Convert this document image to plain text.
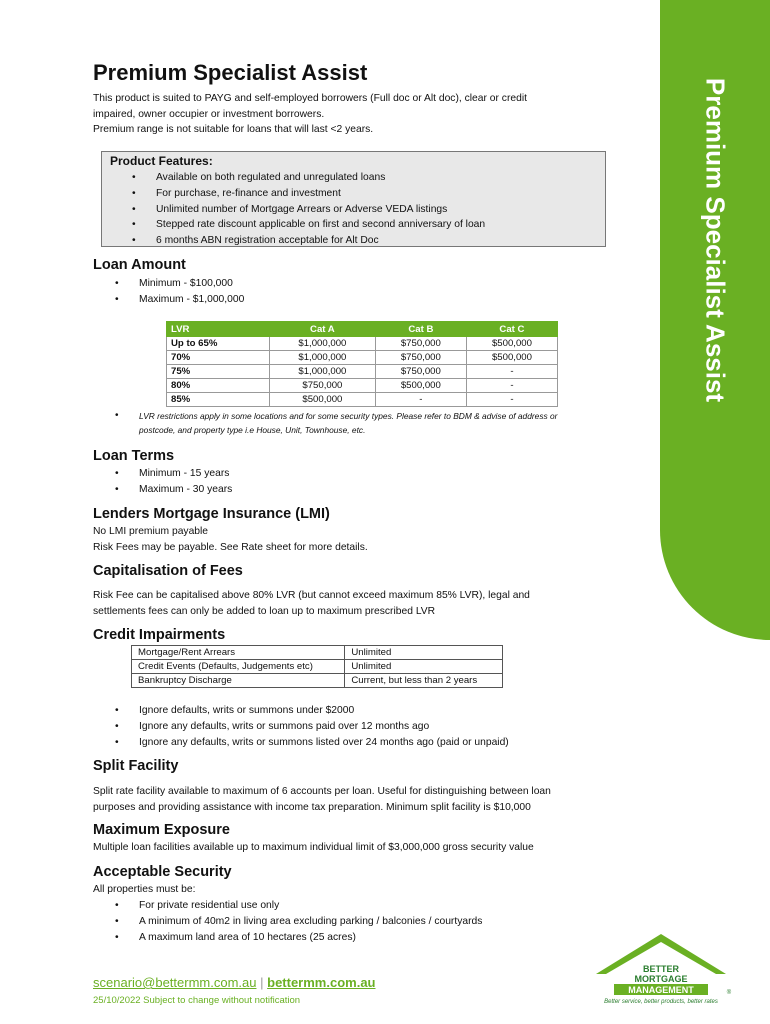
Premium Specialist Assist
Premium Specialist Assist

This product is suited to PAYG and self-employed borrowers (Full doc or Alt doc), clear or credit

impaired, owner occupier or investment borrowers.

Premium range is not suitable for loans that will last <2 years.

Product Features:
• Available on both regulated and unregulated loans
• For purchase, re-finance and investment
• Unlimited number of Mortgage Arrears or Adverse VEDA listings
• Stepped rate discount applicable on first and second anniversary of loan
• 6 months ABN registration acceptable for Alt Doc
Loan Amount
• Minimum - $100,000
• Maximum - $1,000,000
LVR	Cat A	Cat B	Cat C
Up to 65%	$1,000,000	$750,000	$500,000
70%	$1,000,000	$750,000	$500,000
75%	$1,000,000	$750,000	-
80%	$750,000	$500,000	-
85%	$500,000	-	-
• LVR restrictions apply in some locations and for some security types. Please refer to BDM & advise of address or
postcode, and property type i.e House, Unit, Townhouse, etc.
Loan Terms
• Minimum - 15 years
• Maximum - 30 years
Lenders Mortgage Insurance (LMI)
No LMI premium payable
Risk Fees may be payable. See Rate sheet for more details.
Capitalisation of Fees
Risk Fee can be capitalised above 80% LVR (but cannot exceed maximum 85% LVR), legal and
settlements fees can only be added to loan up to maximum prescribed LVR
Credit Impairments
Mortgage/Rent Arrears	Unlimited
Credit Events (Defaults, Judgements etc)	Unlimited
Bankruptcy Discharge	Current, but less than 2 years
• Ignore defaults, writs or summons under $2000
• Ignore any defaults, writs or summons paid over 12 months ago
• Ignore any defaults, writs or summons listed over 24 months ago (paid or unpaid)
Split Facility
Split rate facility available to maximum of 6 accounts per loan. Useful for distinguishing between loan
purposes and providing assistance with income tax preparation. Minimum split facility is $10,000
Maximum Exposure
Multiple loan facilities available up to maximum individual limit of $3,000,000 gross security value
Acceptable Security
All properties must be:
• For private residential use only
• A minimum of 40m2 in living area excluding parking / balconies / courtyards
• A maximum land area of 10 hectares (25 acres)
scenario@bettermm.com.au | bettermm.com.au
25/10/2022 Subject to change without notification
BETTER
MORTGAGE
MANAGEMENT	®
Better service, better products, better rates
